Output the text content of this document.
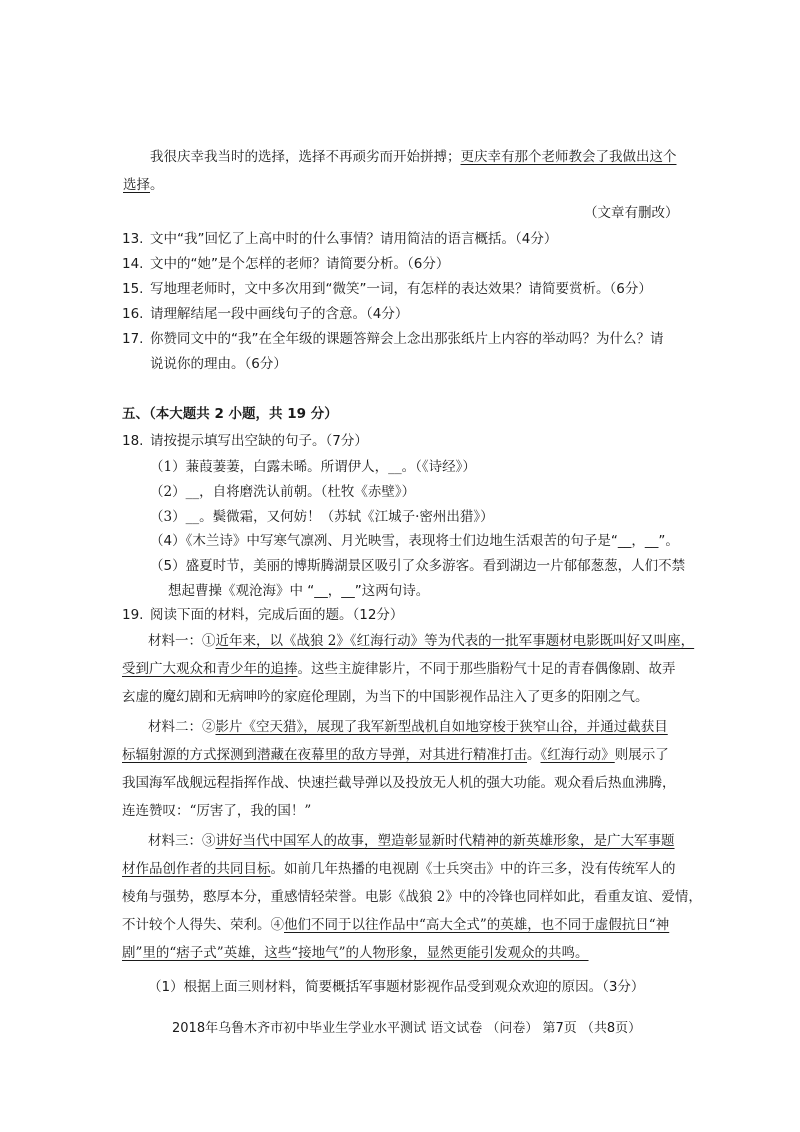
我很庆幸我当时的选择，选择不再顽劣而开始拼搏；更庆幸有那个老师教会了我做出这个
选择。
（文章有删改）
13. 文中“我”回忆了上高中时的什么事情？请用简洁的语言概括。（4分）
14. 文中的“她”是个怎样的老师？请简要分析。（6分）
15. 写地理老师时，文中多次用到“微笑”一词，有怎样的表达效果？请简要赏析。（6分）
16. 请理解结尾一段中画线句子的含意。（4分）
17. 你赞同文中的“我”在全年级的课题答辩会上念出那张纸片上内容的举动吗？为什么？请
说说你的理由。（6分）
五、（本大题共 2 小题，共 19 分）
18. 请按提示填写出空缺的句子。（7分）
（1）蒹葭萋萋，白露未晞。所谓伊人，__。（《诗经》）
（2）__，自将磨洗认前朝。（杜牧《赤壁》）
（3）__。鬓微霜，又何妨！（苏轼《江城子·密州出猎》）
（4）《木兰诗》中写寒气凛冽、月光映雪，表现将士们边地生活艰苦的句子是“__，__”。
（5）盛夏时节，美丽的博斯腾湖景区吸引了众多游客。看到湖边一片郁郁葱葱，人们不禁
想起曹操《观沧海》中 “__，__”这两句诗。
19. 阅读下面的材料，完成后面的题。（12分）
材料一：①近年来，以《战狼 2》《红海行动》等为代表的一批军事题材电影既叫好又叫座，
受到广大观众和青少年的追捧。这些主旋律影片，不同于那些脂粉气十足的青春偶像剧、故弄
玄虚的魔幻剧和无病呻吟的家庭伦理剧，为当下的中国影视作品注入了更多的阳刚之气。
材料二：②影片《空天猎》，展现了我军新型战机自如地穿梭于狭窄山谷，并通过截获目
标辐射源的方式探测到潜藏在夜幕里的敌方导弹，对其进行精准打击。《红海行动》则展示了
我国海军战舰远程指挥作战、快速拦截导弹以及投放无人机的强大功能。观众看后热血沸腾，
连连赞叹：“厉害了，我的国！”
材料三：③讲好当代中国军人的故事，塑造彰显新时代精神的新英雄形象，是广大军事题
材作品创作者的共同目标。如前几年热播的电视剧《士兵突击》中的许三多，没有传统军人的
棱角与强势，憨厚本分，重感情轻荣誉。电影《战狼 2》中的冷锋也同样如此，看重友谊、爱情，
不计较个人得失、荣利。④他们不同于以往作品中“高大全式”的英雄，也不同于虚假抗日“神
剧”里的“痞子式”英雄，这些“接地气”的人物形象，显然更能引发观众的共鸣。
（1）根据上面三则材料，简要概括军事题材影视作品受到观众欢迎的原因。（3分）
2018年乌鲁木齐市初中毕业生学业水平测试 语文试卷 （问卷） 第7页 （共8页）
